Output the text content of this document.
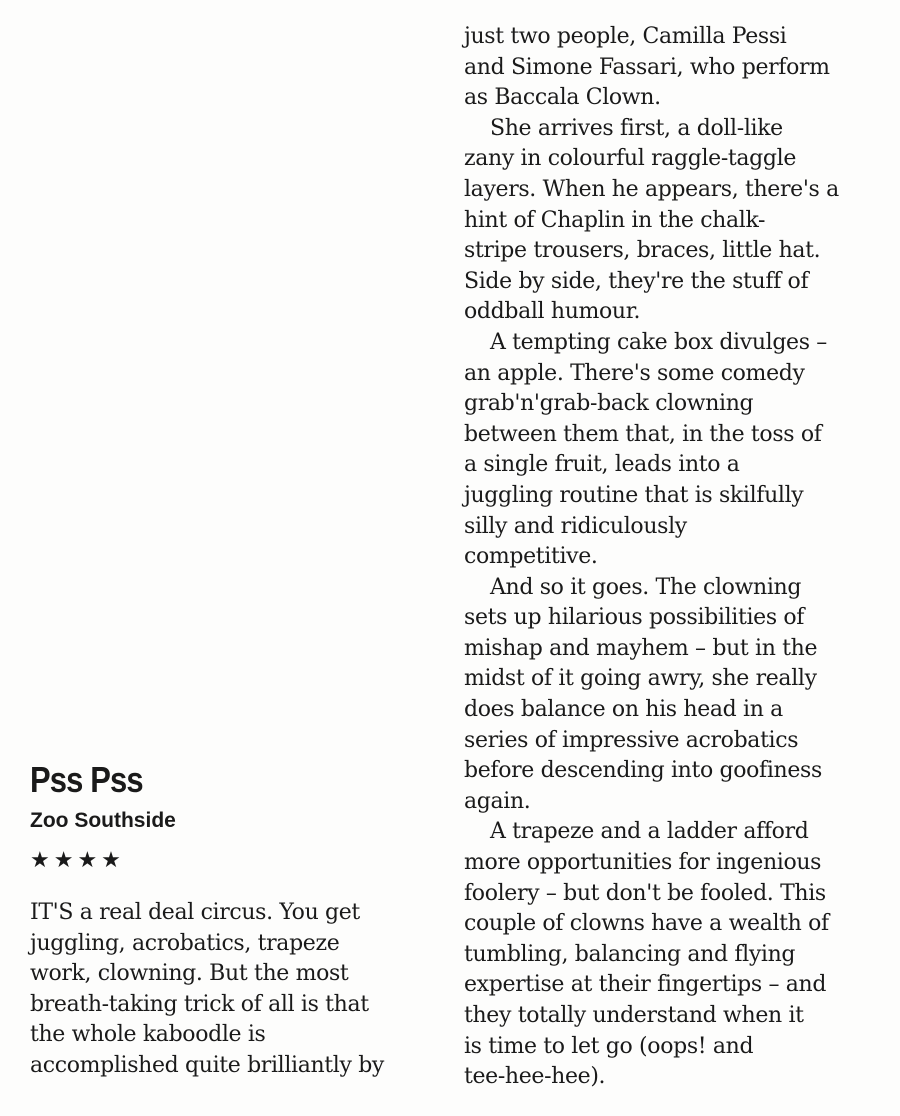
Pss Pss
Zoo Southside
★★★★

IT'S a real deal circus. You get
juggling, acrobatics, trapeze
work, clowning. But the most
breath-taking trick of all is that
the whole kaboodle is
accomplished quite brilliantly by

just two people, Camilla Pessi
and Simone Fassari, who perform
as Baccala Clown.

She arrives first, a doll-like
zany in colourful raggle-taggle
layers. When he appears, there's a
hint of Chaplin in the chalk-
stripe trousers, braces, little hat.
Side by side, they're the stuff of
oddball humour.

A tempting cake box divulges –
an apple. There's some comedy
grab'n'grab-back clowning
between them that, in the toss of
a single fruit, leads into a
juggling routine that is skilfully
silly and ridiculously
competitive.

And so it goes. The clowning
sets up hilarious possibilities of
mishap and mayhem – but in the
midst of it going awry, she really
does balance on his head in a
series of impressive acrobatics
before descending into goofiness
again.

A trapeze and a ladder afford
more opportunities for ingenious
foolery – but don't be fooled. This
couple of clowns have a wealth of
tumbling, balancing and flying
expertise at their fingertips – and
they totally understand when it
is time to let go (oops! and
tee-hee-hee).
